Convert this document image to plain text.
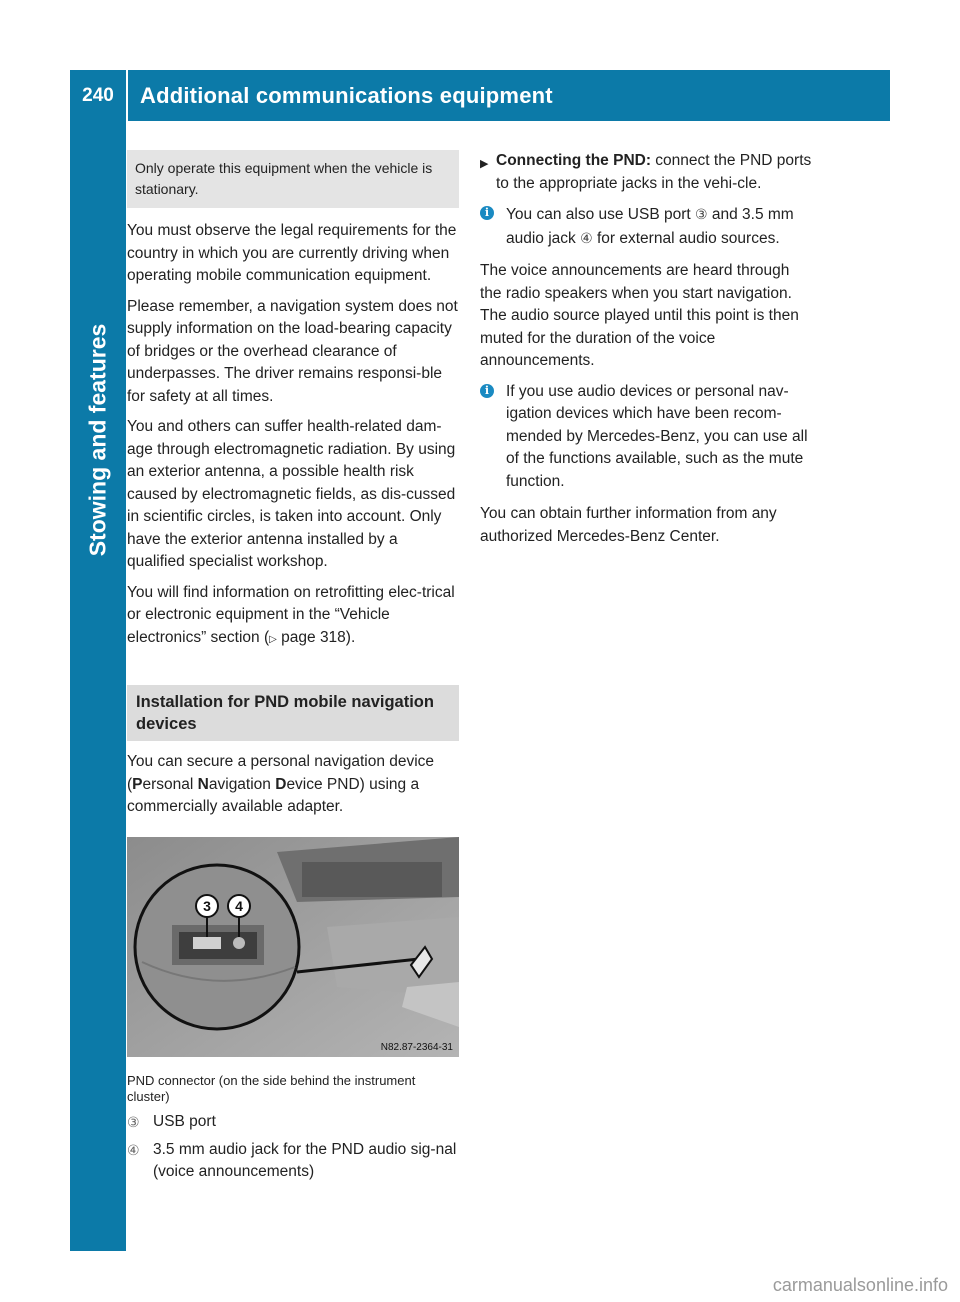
240	Additional communications equipment
Stowing and features
Only operate this equipment when the vehicle is stationary.

You must observe the legal requirements for the country in which you are currently driving when operating mobile communication equipment.

Please remember, a navigation system does not supply information on the load-bearing capacity of bridges or the overhead clearance of underpasses. The driver remains responsi-ble for safety at all times.

You and others can suffer health-related dam-age through electromagnetic radiation. By using an exterior antenna, a possible health risk caused by electromagnetic fields, as dis-cussed in scientific circles, is taken into account. Only have the exterior antenna installed by a qualified specialist workshop.

You will find information on retrofitting elec-trical or electronic equipment in the “Vehicle electronics” section (▷ page 318).

Installation for PND mobile navigation devices

You can secure a personal navigation device (Personal Navigation Device PND) using a commercially available adapter.

3 4
N82.87-2364-31
PND connector (on the side behind the instrument cluster)
③ USB port
④ 3.5 mm audio jack for the PND audio sig-nal (voice announcements)
▶ Connecting the PND: connect the PND ports to the appropriate jacks in the vehi-cle.
i	You can also use USB port ③ and 3.5 mm audio jack ④ for external audio sources.

The voice announcements are heard through the radio speakers when you start navigation. The audio source played until this point is then muted for the duration of the voice announcements.

i	If you use audio devices or personal nav-igation devices which have been recom-mended by Mercedes-Benz, you can use all of the functions available, such as the mute function.

You can obtain further information from any authorized Mercedes-Benz Center.

carmanualsonline.info
